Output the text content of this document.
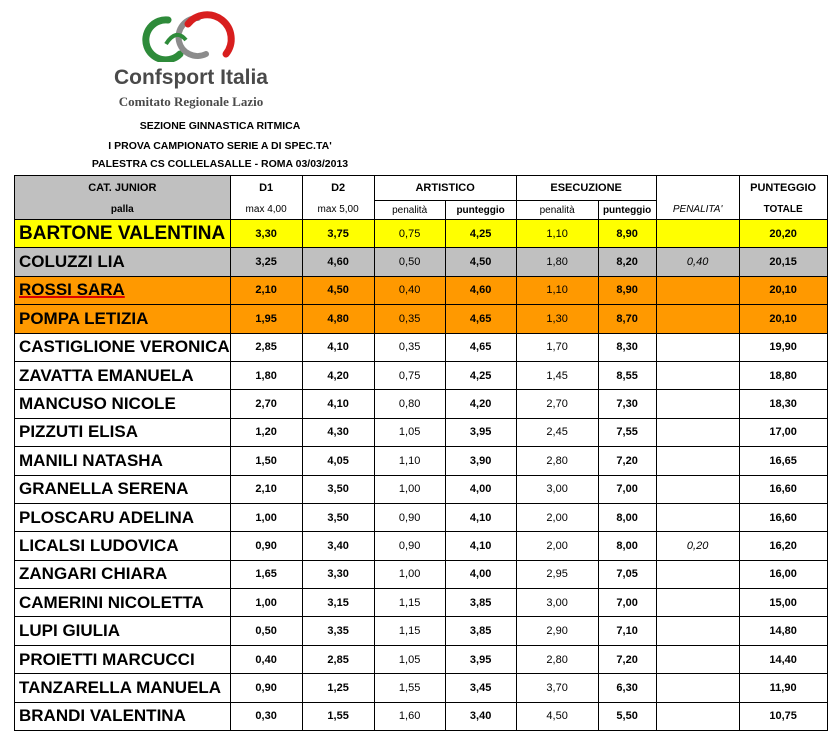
Confsport Italia
Comitato Regionale Lazio
SEZIONE GINNASTICA RITMICA
I PROVA CAMPIONATO SERIE A DI SPEC.TA'
PALESTRA CS COLLELASALLE - ROMA 03/03/2013
CAT. JUNIOR	D1	D2	ARTISTICO		ESECUZIONE			PUNTEGGIO
palla	max 4,00	max 5,00	penalità	punteggio	penalità	punteggio	PENALITA'	TOTALE
BARTONE VALENTINA	3,30	3,75	0,75	4,25	1,10	8,90		20,20
COLUZZI LIA	3,25	4,60	0,50	4,50	1,80	8,20	0,40	20,15
ROSSI SARA	2,10	4,50	0,40	4,60	1,10	8,90		20,10
POMPA LETIZIA	1,95	4,80	0,35	4,65	1,30	8,70		20,10
CASTIGLIONE VERONICA	2,85	4,10	0,35	4,65	1,70	8,30		19,90
ZAVATTA EMANUELA	1,80	4,20	0,75	4,25	1,45	8,55		18,80
MANCUSO NICOLE	2,70	4,10	0,80	4,20	2,70	7,30		18,30
PIZZUTI ELISA	1,20	4,30	1,05	3,95	2,45	7,55		17,00
MANILI NATASHA	1,50	4,05	1,10	3,90	2,80	7,20		16,65
GRANELLA SERENA	2,10	3,50	1,00	4,00	3,00	7,00		16,60
PLOSCARU ADELINA	1,00	3,50	0,90	4,10	2,00	8,00		16,60
LICALSI LUDOVICA	0,90	3,40	0,90	4,10	2,00	8,00	0,20	16,20
ZANGARI CHIARA	1,65	3,30	1,00	4,00	2,95	7,05		16,00
CAMERINI NICOLETTA	1,00	3,15	1,15	3,85	3,00	7,00		15,00
LUPI GIULIA	0,50	3,35	1,15	3,85	2,90	7,10		14,80
PROIETTI MARCUCCI	0,40	2,85	1,05	3,95	2,80	7,20		14,40
TANZARELLA MANUELA	0,90	1,25	1,55	3,45	3,70	6,30		11,90
BRANDI VALENTINA	0,30	1,55	1,60	3,40	4,50	5,50		10,75
